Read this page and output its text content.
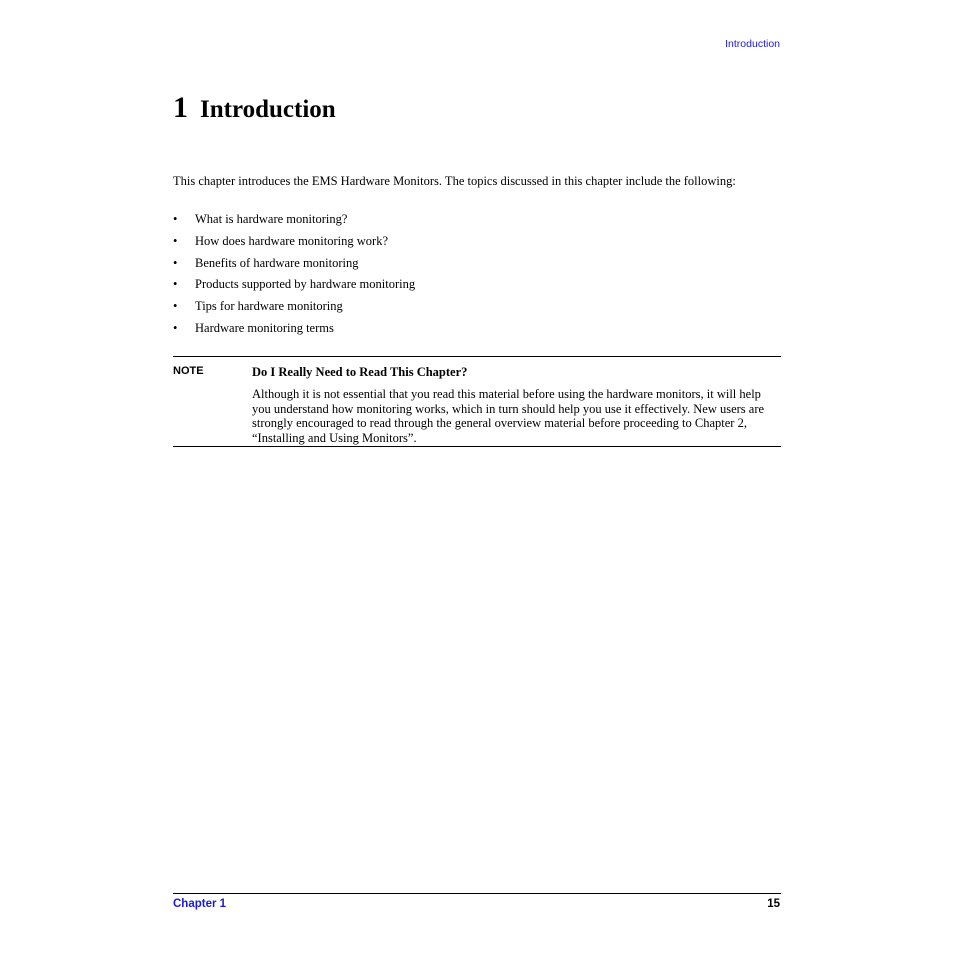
Introduction
1 Introduction

This chapter introduces the EMS Hardware Monitors. The topics discussed in this chapter include the following:

• What is hardware monitoring?
• How does hardware monitoring work?
• Benefits of hardware monitoring
• Products supported by hardware monitoring
• Tips for hardware monitoring
• Hardware monitoring terms
NOTE	Do I Really Need to Read This Chapter?

Although it is not essential that you read this material before using the hardware monitors, it will help you understand how monitoring works, which in turn should help you use it effectively. New users are strongly encouraged to read through the general overview material before proceeding to Chapter 2, “Installing and Using Monitors”.

Chapter 1	15
